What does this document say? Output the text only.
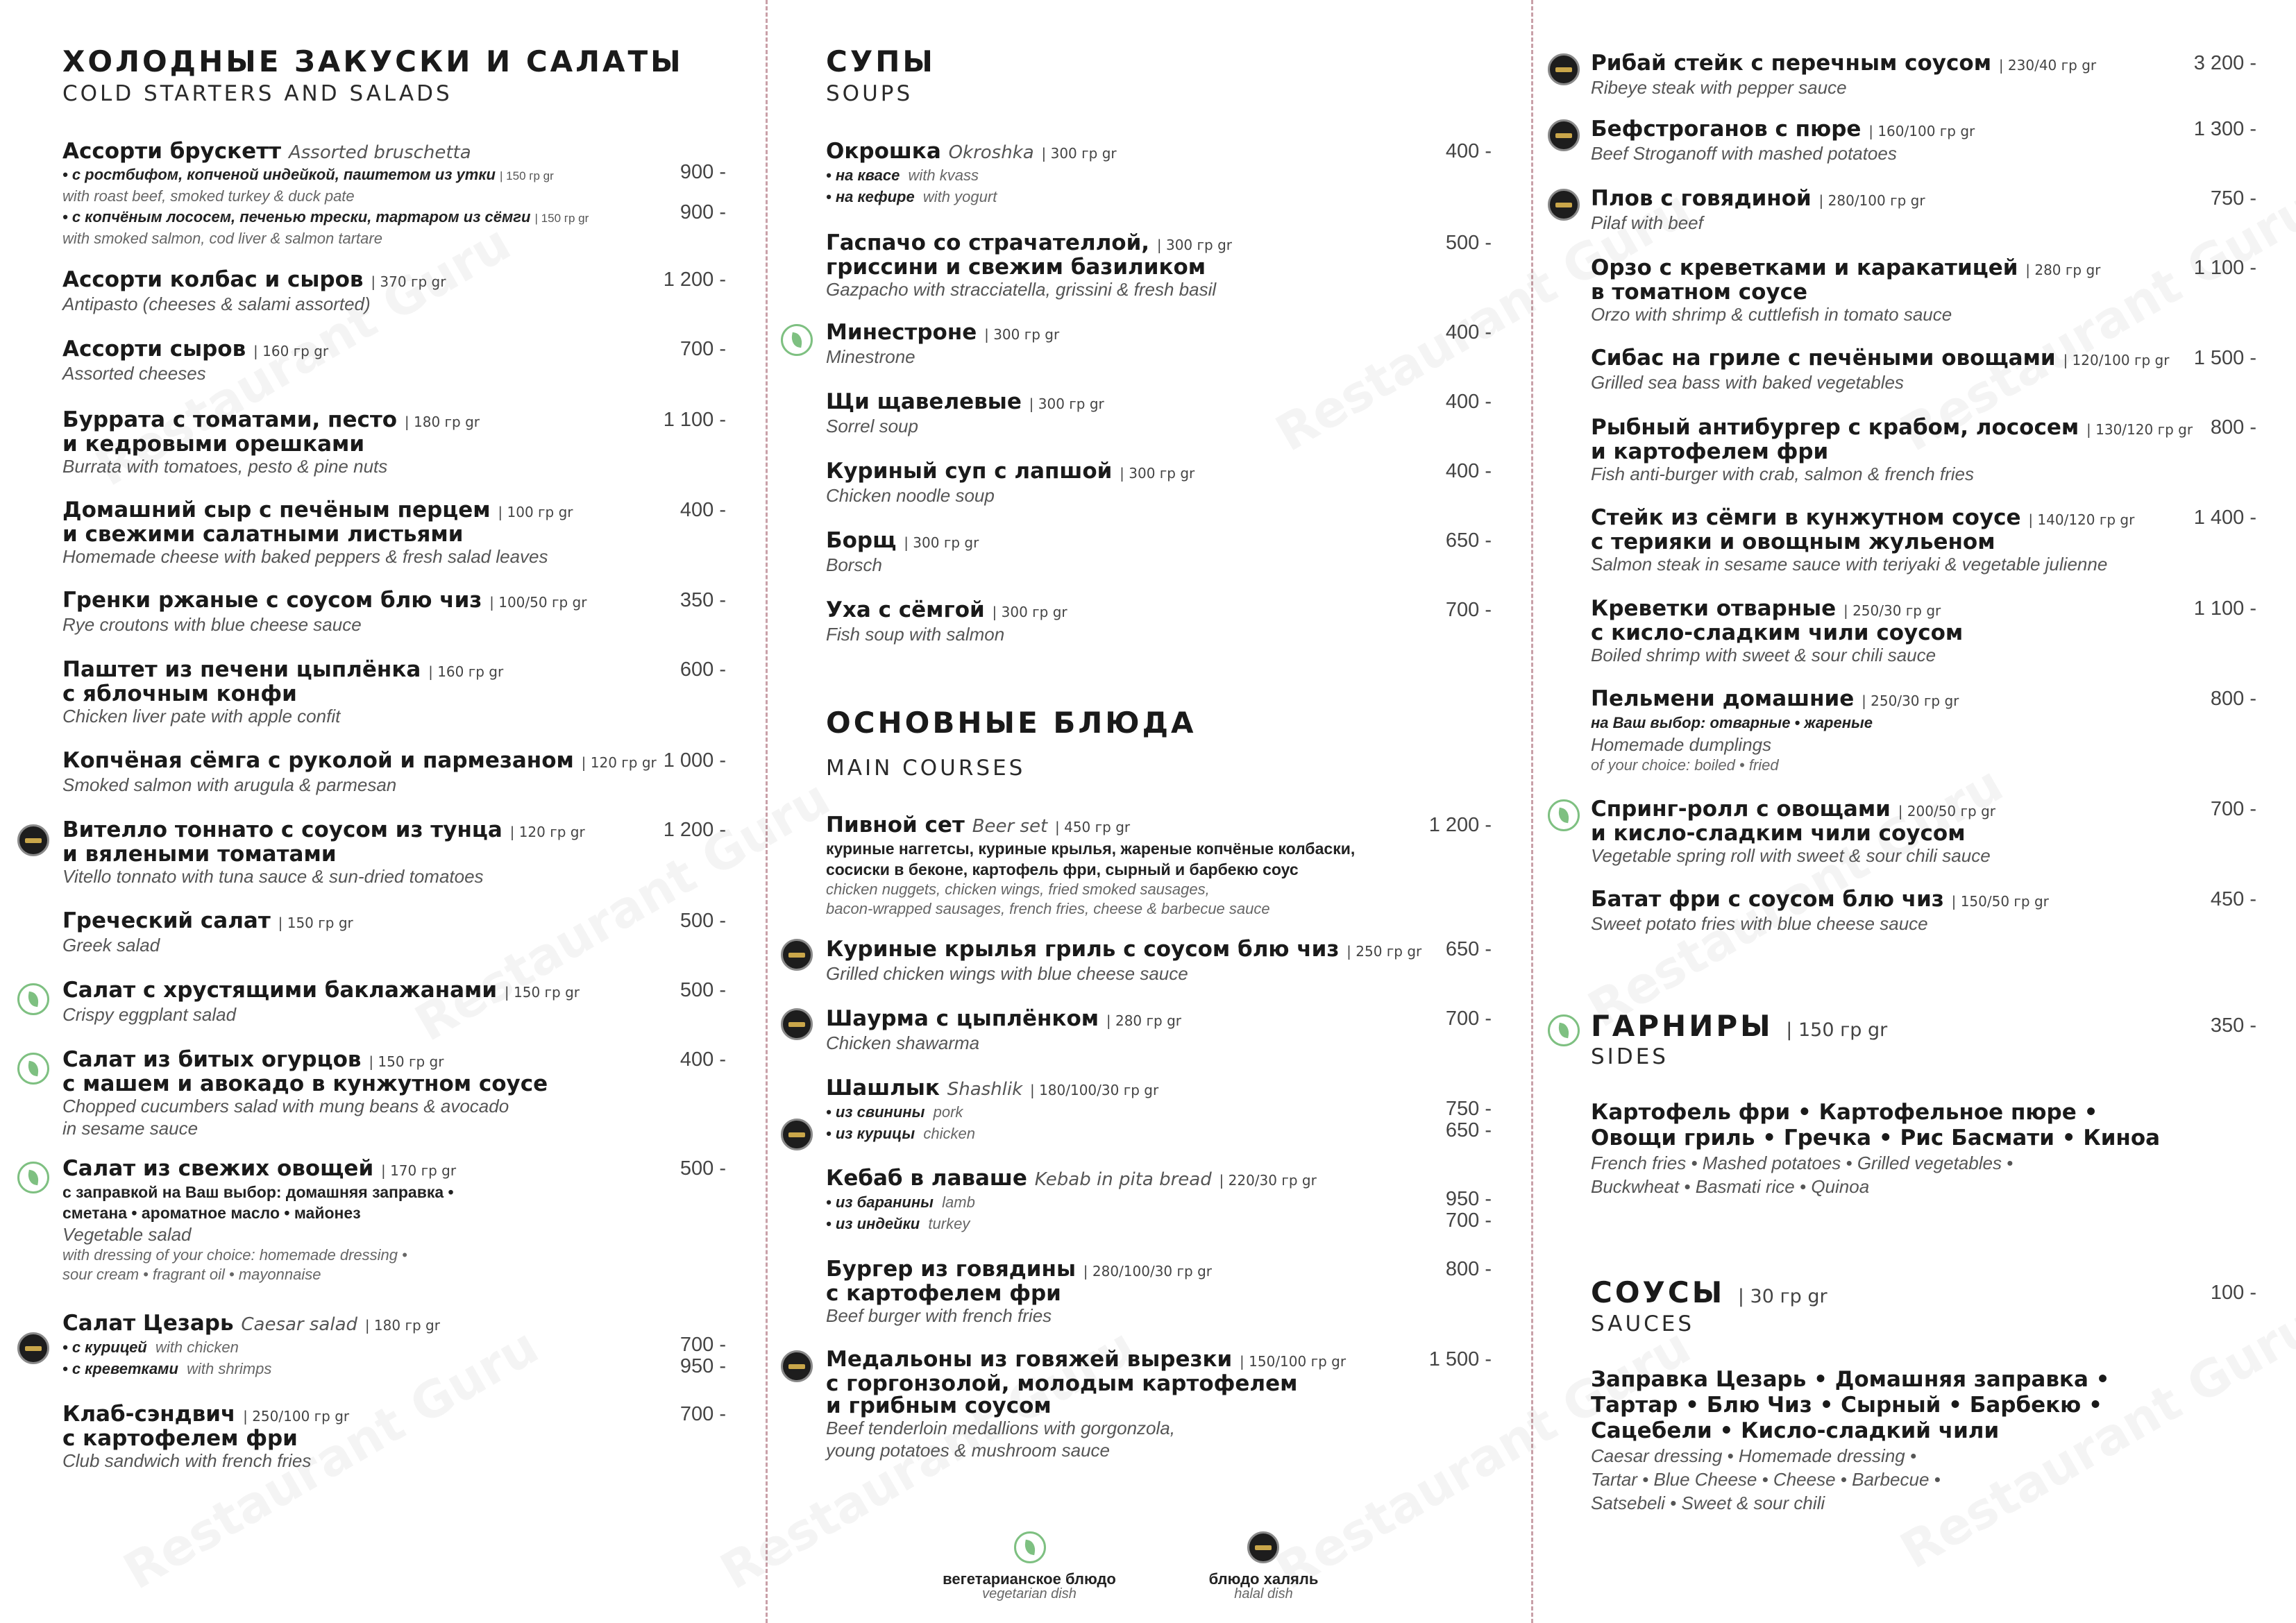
ХОЛОДНЫЕ ЗАКУСКИ И САЛАТЫ
COLD STARTERS AND SALADS
Ассорти брускетт Assorted bruschetta
• с ростбифом, копченой индейкой, паштетом из утки | 150 гр gr
with roast beef, smoked turkey & duck pate
• с копчёным лососем, печенью трески, тартаром из сёмги | 150 гр gr
with smoked salmon, cod liver & salmon tartare
900 -
900 -
Ассорти колбас и сыров | 370 гр gr
Antipasto (cheeses & salami assorted)
1 200 -
Ассорти сыров | 160 гр gr
Assorted cheeses
700 -
Буррата с томатами, песто | 180 гр gr
и кедровыми орешками
Burrata with tomatoes, pesto & pine nuts
1 100 -
Домашний сыр с печёным перцем | 100 гр gr
и свежими салатными листьями
Homemade cheese with baked peppers & fresh salad leaves
400 -
Гренки ржаные с соусом блю чиз | 100/50 гр gr
Rye croutons with blue cheese sauce
350 -
Паштет из печени цыплёнка | 160 гр gr
с яблочным конфи
Chicken liver pate with apple confit
600 -
Копчёная сёмга с руколой и пармезаном | 120 гр gr
Smoked salmon with arugula & parmesan
1 000 -
Вителло тоннато с соусом из тунца | 120 гр gr
и вялеными томатами
Vitello tonnato with tuna sauce & sun-dried tomatoes
1 200 -
Греческий салат | 150 гр gr
Greek salad
500 -
Салат с хрустящими баклажанами | 150 гр gr
Crispy eggplant salad
500 -
Салат из битых огурцов | 150 гр gr
с машем и авокадо в кунжутном соусе
Chopped cucumbers salad with mung beans & avocado
in sesame sauce
400 -
Салат из свежих овощей | 170 гр gr
с заправкой на Ваш выбор: домашняя заправка •
сметана • ароматное масло • майонез
Vegetable salad
with dressing of your choice: homemade dressing •
sour cream • fragrant oil • mayonnaise
500 -
Салат Цезарь Caesar salad | 180 гр gr
• с курицей with chicken
• с креветками with shrimps
700 -
950 -
Клаб-сэндвич | 250/100 гр gr
с картофелем фри
Club sandwich with french fries
700 -
СУПЫ
SOUPS
Окрошка Okroshka | 300 гр gr
• на квасе with kvass
• на кефире with yogurt
400 -
Гаспачо со страчателлой, | 300 гр gr
гриссини и свежим базиликом
Gazpacho with stracciatella, grissini & fresh basil
500 -
Минестроне | 300 гр gr
Minestrone
400 -
Щи щавелевые | 300 гр gr
Sorrel soup
400 -
Куриный суп с лапшой | 300 гр gr
Chicken noodle soup
400 -
Борщ | 300 гр gr
Borsch
650 -
Уха с сёмгой | 300 гр gr
Fish soup with salmon
700 -
ОСНОВНЫЕ БЛЮДА
MAIN COURSES
Пивной сет Beer set | 450 гр gr
куриные наггетсы, куриные крылья, жареные копчёные колбаски,
сосиски в беконе, картофель фри, сырный и барбекю соус
chicken nuggets, chicken wings, fried smoked sausages,
bacon-wrapped sausages, french fries, cheese & barbecue sauce
1 200 -
Куриные крылья гриль с соусом блю чиз | 250 гр gr
Grilled chicken wings with blue cheese sauce
650 -
Шаурма с цыплёнком | 280 гр gr
Chicken shawarma
700 -
Шашлык Shashlik | 180/100/30 гр gr
• из свинины pork
• из курицы chicken
750 -
650 -
Кебаб в лаваше Kebab in pita bread | 220/30 гр gr
• из баранины lamb
• из индейки turkey
950 -
700 -
Бургер из говядины | 280/100/30 гр gr
с картофелем фри
Beef burger with french fries
800 -
Медальоны из говяжей вырезки | 150/100 гр gr
с горгонзолой, молодым картофелем
и грибным соусом
Beef tenderloin medallions with gorgonzola,
young potatoes & mushroom sauce
1 500 -
вегетарианское блюдо
vegetarian dish
блюдо халяль
halal dish
Рибай стейк с перечным соусом | 230/40 гр gr
Ribeye steak with pepper sauce
3 200 -
Бефстроганов с пюре | 160/100 гр gr
Beef Stroganoff with mashed potatoes
1 300 -
Плов с говядиной | 280/100 гр gr
Pilaf with beef
750 -
Орзо с креветками и каракатицей | 280 гр gr
в томатном соусе
Orzo with shrimp & cuttlefish in tomato sauce
1 100 -
Сибас на гриле с печёными овощами | 120/100 гр gr
Grilled sea bass with baked vegetables
1 500 -
Рыбный антибургер с крабом, лососем | 130/120 гр gr
и картофелем фри
Fish anti-burger with crab, salmon & french fries
800 -
Стейк из сёмги в кунжутном соусе | 140/120 гр gr
с терияки и овощным жульеном
Salmon steak in sesame sauce with teriyaki & vegetable julienne
1 400 -
Креветки отварные | 250/30 гр gr
с кисло-сладким чили соусом
Boiled shrimp with sweet & sour chili sauce
1 100 -
Пельмени домашние | 250/30 гр gr
на Ваш выбор: отварные • жареные
Homemade dumplings
of your choice: boiled • fried
800 -
Спринг-ролл с овощами | 200/50 гр gr
и кисло-сладким чили соусом
Vegetable spring roll with sweet & sour chili sauce
700 -
Батат фри с соусом блю чиз | 150/50 гр gr
Sweet potato fries with blue cheese sauce
450 -
ГАРНИРЫ | 150 гр gr
SIDES
350 -
Картофель фри • Картофельное пюре •
Овощи гриль • Гречка • Рис Басмати • Киноа
French fries • Mashed potatoes • Grilled vegetables •
Buckwheat • Basmati rice • Quinoa
СОУСЫ | 30 гр gr
SAUCES
100 -
Заправка Цезарь • Домашняя заправка •
Тартар • Блю Чиз • Сырный • Барбекю •
Сацебели • Кисло-сладкий чили
Caesar dressing • Homemade dressing •
Tartar • Blue Cheese • Cheese • Barbecue •
Satsebeli • Sweet & sour chili
